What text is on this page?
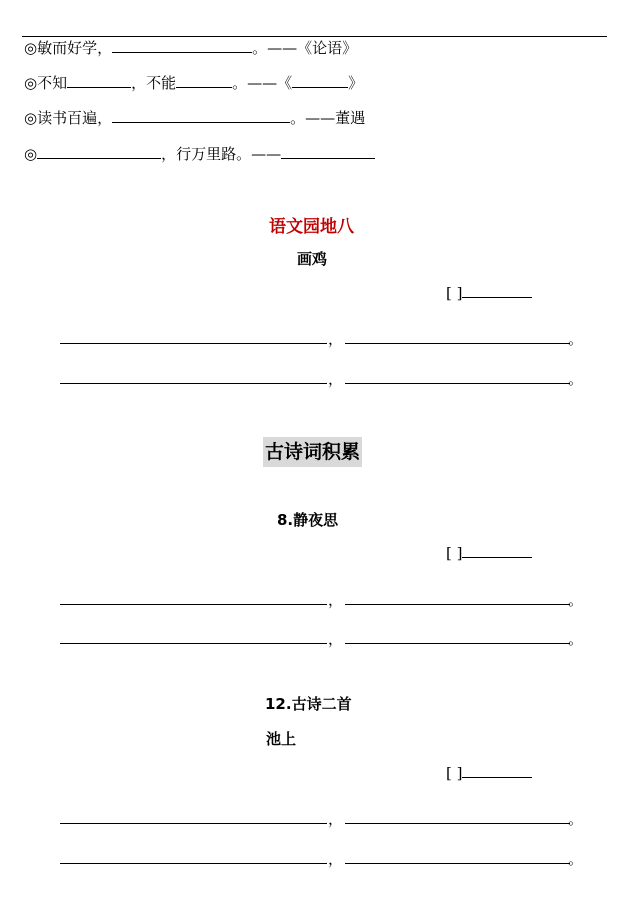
◎敏而好学，	。——《论语》
◎不知	，不能	。——《	》
◎读书百遍，	。——董遇
◎	，行万里路。——
语文园地八
画鸡
[ ]
，	。
，	。
古诗词积累
8.静夜思
[ ]
，	。
，	。
12.古诗二首
池上
[ ]
，	。
，	。
